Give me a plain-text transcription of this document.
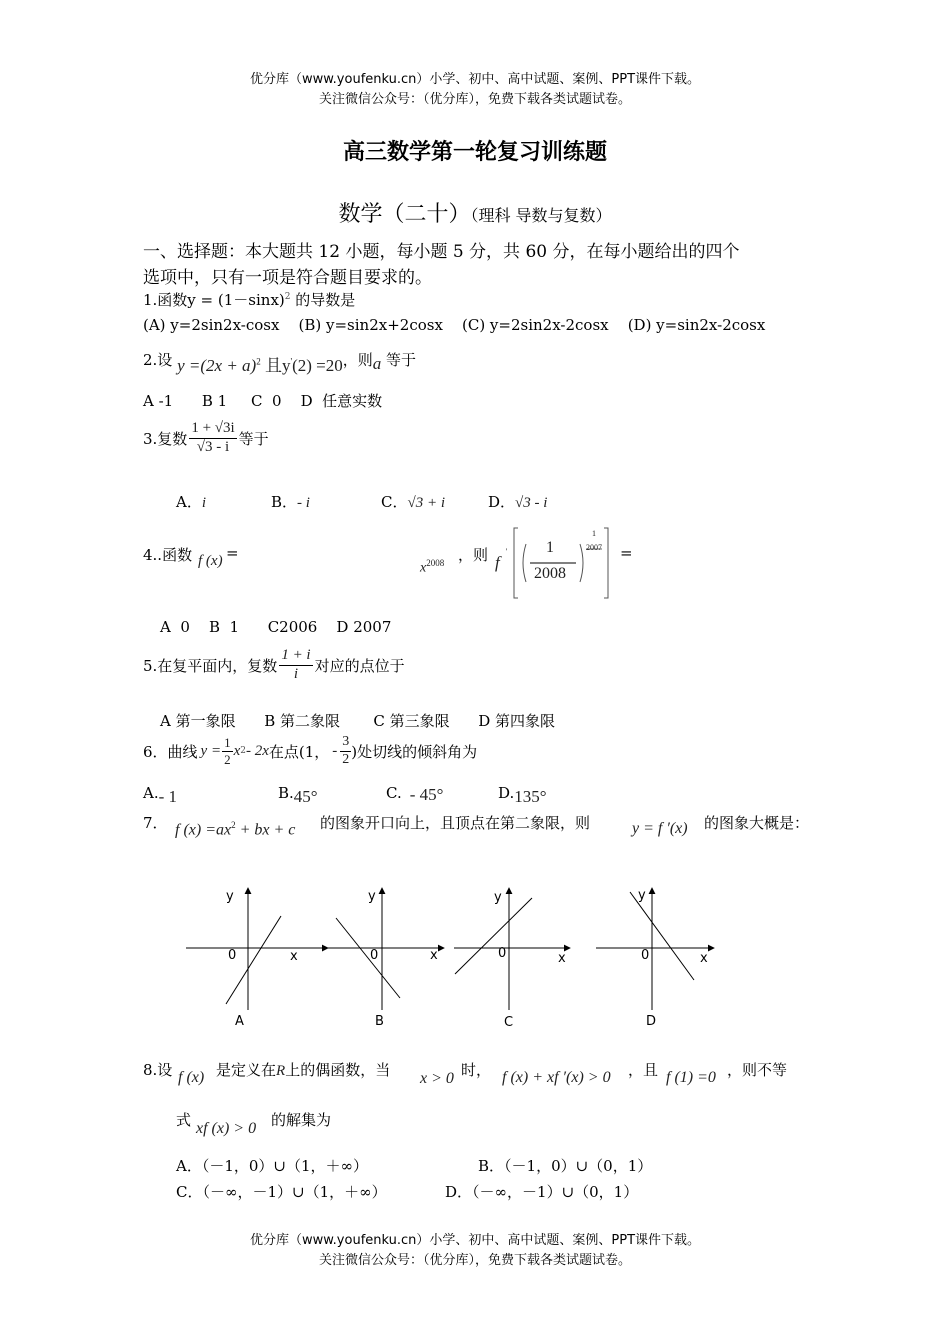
优分库（www.youfenku.cn）小学、初中、高中试题、案例、PPT课件下载。
关注微信公众号：（优分库），免费下载各类试题试卷。
高三数学第一轮复习训练题
数学（二十）（理科 导数与复数）
一、选择题：本大题共 12 小题，每小题 5 分，共 60 分，在每小题给出的四个
选项中，只有一项是符合题目要求的。
1.函数$y = (1-\sin x)^2$ 的导数是
(A) y=2sin2x-cosx    (B) y=sin2x+2cosx    (C) y=2sin2x-2cosx    (D) y=sin2x-2cosx
2.设 $y =(2x + a)^2$ 且y'(2) =20，则a 等于
A -1      B 1     C  0    D  任意实数
3.复数 $\frac{1 + √3i}{√3 - i}$ 等于
A．i	B．- i	C．√3 + i	D．√3 - i
4..函数 f (x) =
$x^{2008}$ ，则 f
'	1
2008
1
2007	=
A  0    B  1      C2006    D 2007
5.在复平面内，复数 $\frac{1 + i}{i}$ 对应的点位于
A 第一象限      B 第二象限       C 第三象限      D 第四象限
6．曲线 $y = \frac{1}{2}$ x 2 - 2x 在点(1， - $\frac{3}{2}$ )处切线的倾斜角为
A.- 1	B.45°	C. - 45°	D.135°
7． f $(x) =ax^2$ + bx + c 的图象开口向上，且顶点在第二象限，则	y = f ′(x) 的图象大概是：
y
0	x
A
y
0	x
B
y
0	x
C
y
0	x
D
8.设 f (x) 是定义在R上的偶函数，当 x > 0 时， f (x) + xf ′(x) > 0 ，且 f (1) =0 ，则不等
式 xf (x) > 0 的解集为
A．（－1，0）∪（1，＋∞）	B．（－1，0）∪（0，1）
C．（－∞，－1）∪（1，＋∞）	D．（－∞，－1）∪（0，1）
优分库（www.youfenku.cn）小学、初中、高中试题、案例、PPT课件下载。
关注微信公众号：（优分库），免费下载各类试题试卷。
